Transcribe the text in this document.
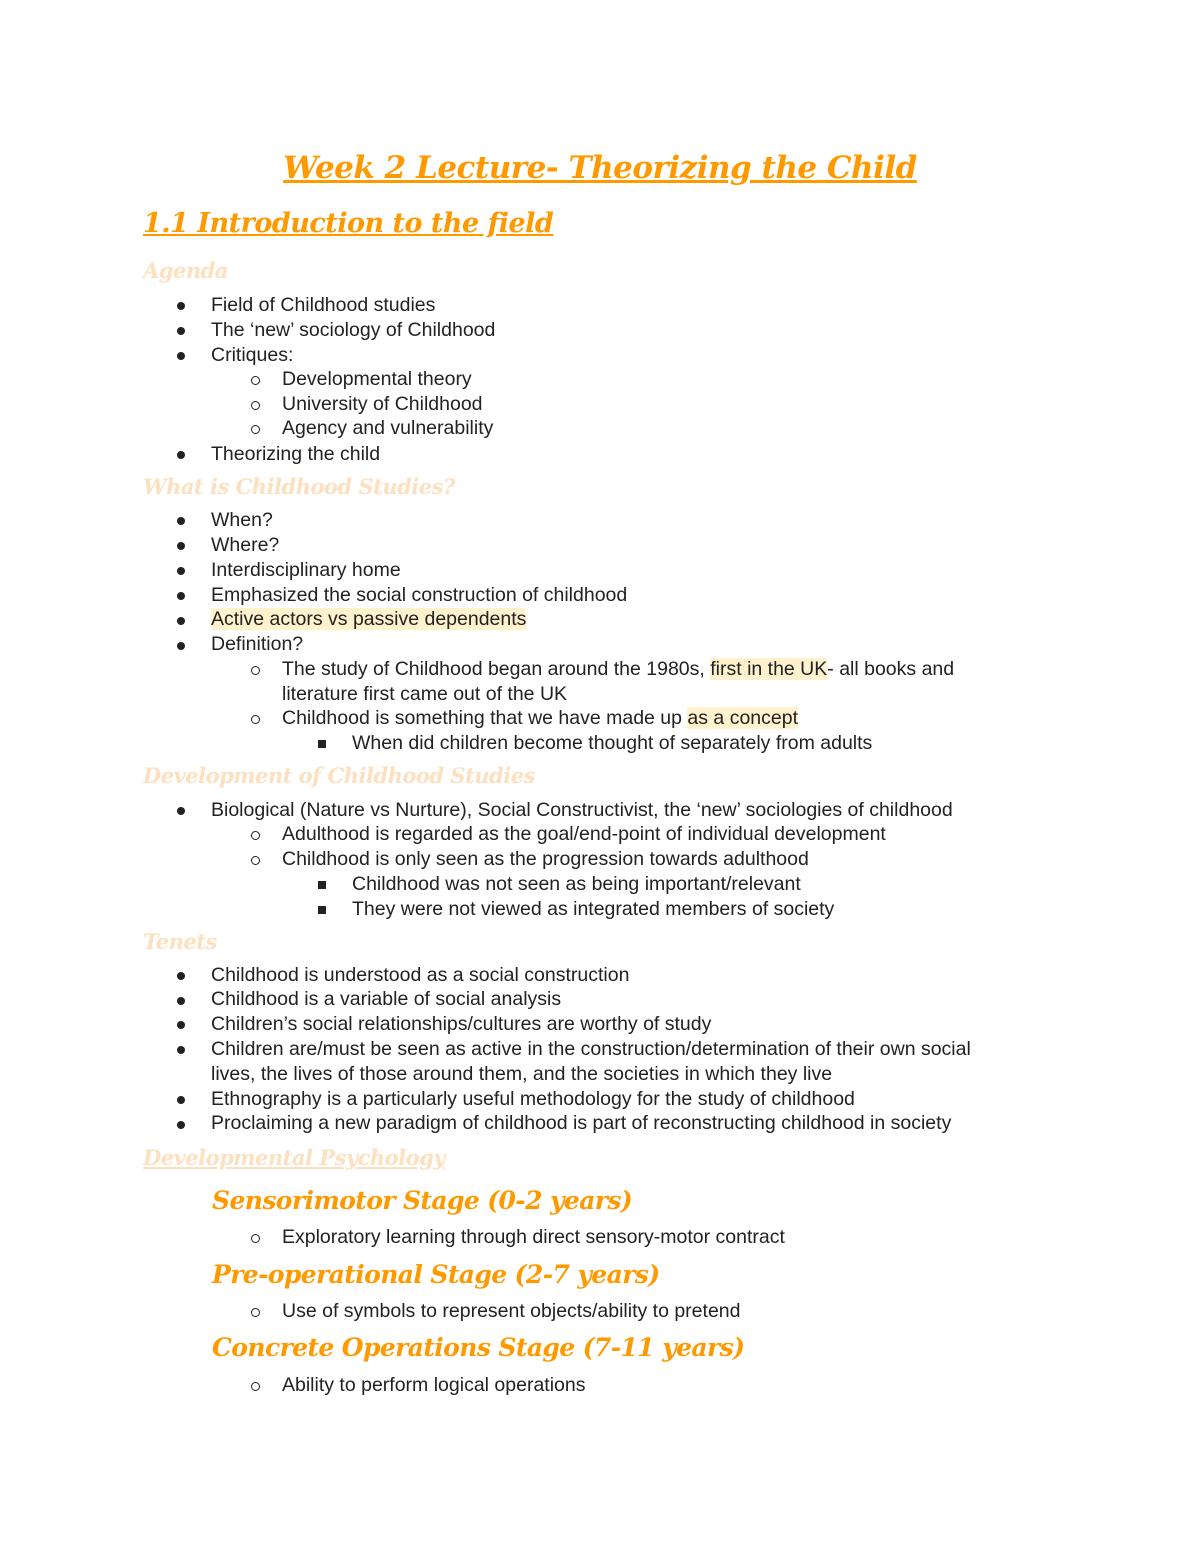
Week 2 Lecture- Theorizing the Child
1.1 Introduction to the field
Agenda
Field of Childhood studies
The ‘new’ sociology of Childhood
Critiques:
Developmental theory
University of Childhood
Agency and vulnerability
Theorizing the child
What is Childhood Studies?
When?
Where?
Interdisciplinary home
Emphasized the social construction of childhood
Active actors vs passive dependents
Definition?
The study of Childhood began around the 1980s, first in the UK- all books and
literature first came out of the UK
Childhood is something that we have made up as a concept
When did children become thought of separately from adults
Development of Childhood Studies
Biological (Nature vs Nurture), Social Constructivist, the ‘new’ sociologies of childhood
Adulthood is regarded as the goal/end-point of individual development
Childhood is only seen as the progression towards adulthood
Childhood was not seen as being important/relevant
They were not viewed as integrated members of society
Tenets
Childhood is understood as a social construction
Childhood is a variable of social analysis
Children’s social relationships/cultures are worthy of study
Children are/must be seen as active in the construction/determination of their own social
lives, the lives of those around them, and the societies in which they live
Ethnography is a particularly useful methodology for the study of childhood
Proclaiming a new paradigm of childhood is part of reconstructing childhood in society
Developmental Psychology
Sensorimotor Stage (0-2 years)
Exploratory learning through direct sensory-motor contract
Pre-operational Stage (2-7 years)
Use of symbols to represent objects/ability to pretend
Concrete Operations Stage (7-11 years)
Ability to perform logical operations
